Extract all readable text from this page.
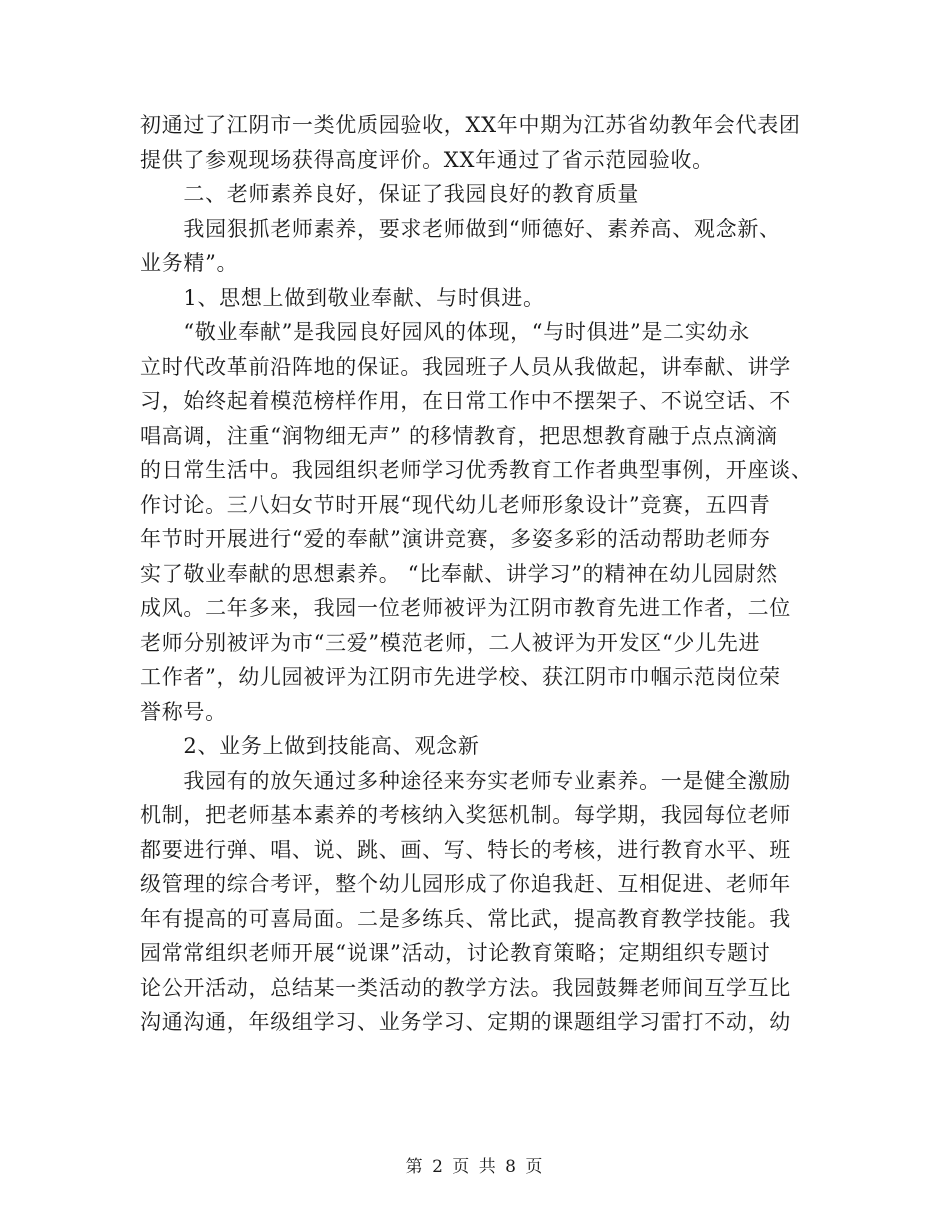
初通过了江阴市一类优质园验收，XX年中期为江苏省幼教年会代表团
提供了参观现场获得高度评价。XX年通过了省示范园验收。
　　二、老师素养良好，保证了我园良好的教育质量
　　我园狠抓老师素养，要求老师做到“师德好、素养高、观念新、
业务精”。
　　1、思想上做到敬业奉献、与时俱进。
　　“敬业奉献”是我园良好园风的体现，“与时俱进”是二实幼永
立时代改革前沿阵地的保证。我园班子人员从我做起，讲奉献、讲学
习，始终起着模范榜样作用，在日常工作中不摆架子、不说空话、不
唱高调，注重“润物细无声” 的移情教育，把思想教育融于点点滴滴
的日常生活中。我园组织老师学习优秀教育工作者典型事例，开座谈、
作讨论。三八妇女节时开展“现代幼儿老师形象设计”竞赛，五四青
年节时开展进行“爱的奉献”演讲竞赛，多姿多彩的活动帮助老师夯
实了敬业奉献的思想素养。 “比奉献、讲学习”的精神在幼儿园尉然
成风。二年多来，我园一位老师被评为江阴市教育先进工作者，二位
老师分别被评为市“三爱”模范老师，二人被评为开发区“少儿先进
工作者”，幼儿园被评为江阴市先进学校、获江阴市巾帼示范岗位荣
誉称号。
　　2、业务上做到技能高、观念新
　　我园有的放矢通过多种途径来夯实老师专业素养。一是健全激励
机制，把老师基本素养的考核纳入奖惩机制。每学期，我园每位老师
都要进行弹、唱、说、跳、画、写、特长的考核，进行教育水平、班
级管理的综合考评，整个幼儿园形成了你追我赶、互相促进、老师年
年有提高的可喜局面。二是多练兵、常比武，提高教育教学技能。我
园常常组织老师开展“说课”活动，讨论教育策略；定期组织专题讨
论公开活动，总结某一类活动的教学方法。我园鼓舞老师间互学互比
沟通沟通，年级组学习、业务学习、定期的课题组学习雷打不动，幼
第 2 页 共 8 页
